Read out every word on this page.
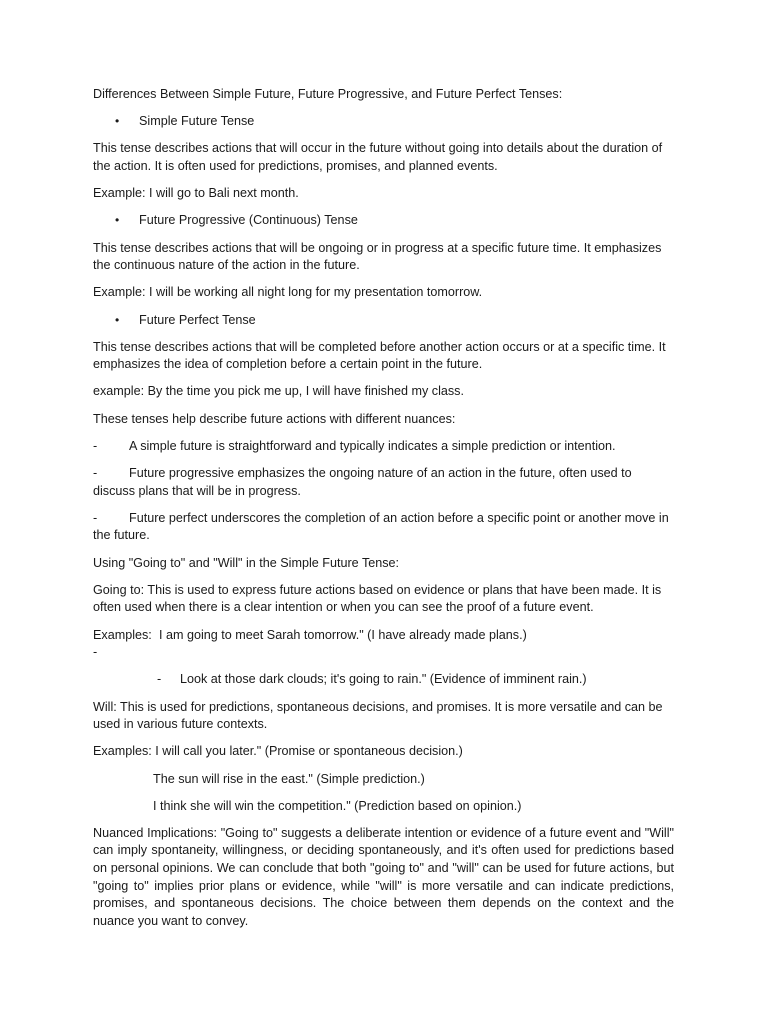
Differences Between Simple Future, Future Progressive, and Future Perfect Tenses:

•	Simple Future Tense

This tense describes actions that will occur in the future without going into details about the duration of the action. It is often used for predictions, promises, and planned events.

Example: I will go to Bali next month.

•	Future Progressive (Continuous) Tense

This tense describes actions that will be ongoing or in progress at a specific future time. It emphasizes the continuous nature of the action in the future.

Example: I will be working all night long for my presentation tomorrow.

•	Future Perfect Tense

This tense describes actions that will be completed before another action occurs or at a specific time. It emphasizes the idea of completion before a certain point in the future.

example: By the time you pick me up, I will have finished my class.

These tenses help describe future actions with different nuances:

-	A simple future is straightforward and typically indicates a simple prediction or intention.

-	Future progressive emphasizes the ongoing nature of an action in the future, often used to discuss plans that will be in progress.

-	Future perfect underscores the completion of an action before a specific point or another move in the future.

Using "Going to" and "Will" in the Simple Future Tense:

Going to: This is used to express future actions based on evidence or plans that have been made. It is often used when there is a clear intention or when you can see the proof of a future event.

Examples: -
I am going to meet Sarah tomorrow." (I have already made plans.)
-	Look at those dark clouds; it's going to rain." (Evidence of imminent rain.)

Will: This is used for predictions, spontaneous decisions, and promises. It is more versatile and can be used in various future contexts.

Examples: I will call you later." (Promise or spontaneous decision.)

The sun will rise in the east." (Simple prediction.)

I think she will win the competition." (Prediction based on opinion.)

Nuanced Implications: "Going to" suggests a deliberate intention or evidence of a future event and "Will" can imply spontaneity, willingness, or deciding spontaneously, and it's often used for predictions based on personal opinions. We can conclude that both "going to" and "will" can be used for future actions, but "going to" implies prior plans or evidence, while "will" is more versatile and can indicate predictions, promises, and spontaneous decisions. The choice between them depends on the context and the nuance you want to convey.
